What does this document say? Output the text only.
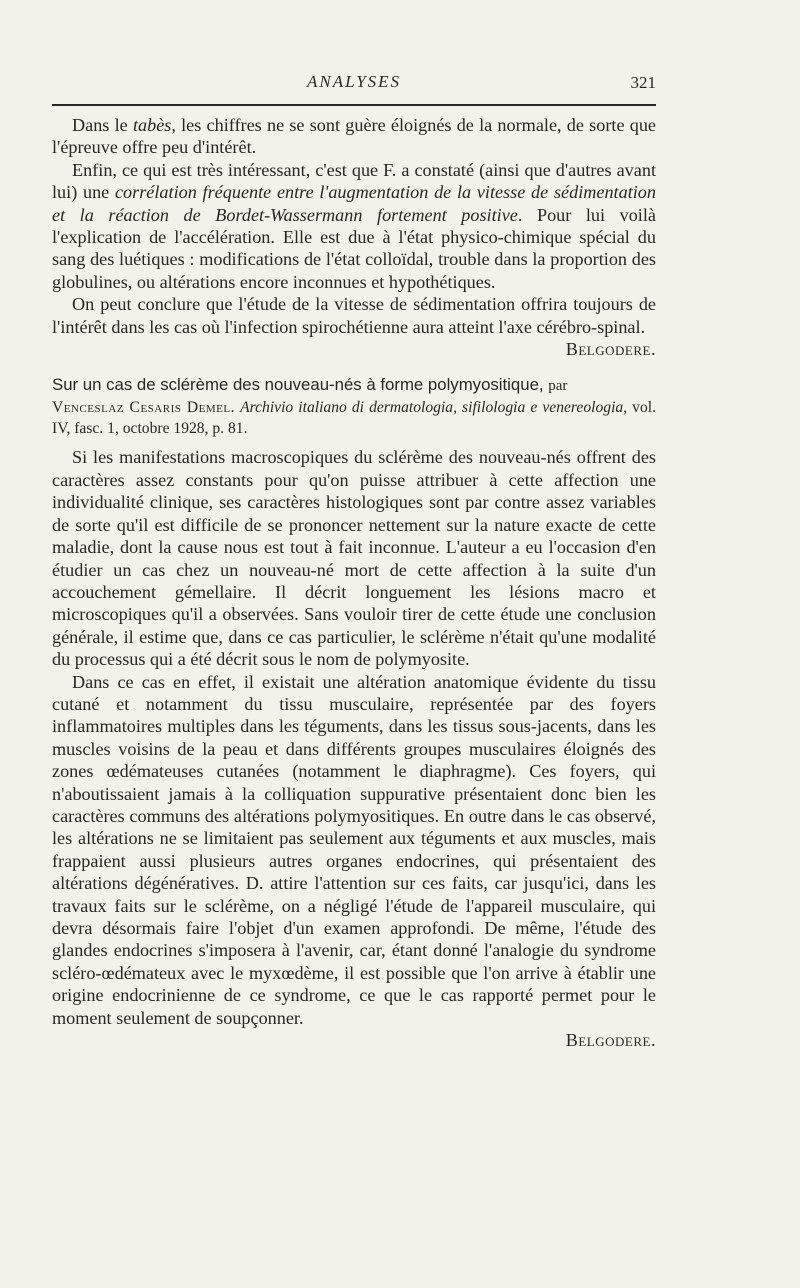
ANALYSES	321

Dans le tabès, les chiffres ne se sont guère éloignés de la normale, de sorte que l'épreuve offre peu d'intérêt.

Enfin, ce qui est très intéressant, c'est que F. a constaté (ainsi que d'autres avant lui) une corrélation fréquente entre l'augmentation de la vitesse de sédimentation et la réaction de Bordet-Wassermann fortement positive. Pour lui voilà l'explication de l'accélération. Elle est due à l'état physico-chimique spécial du sang des luétiques : modifications de l'état colloïdal, trouble dans la proportion des globulines, ou altérations encore inconnues et hypothétiques.

On peut conclure que l'étude de la vitesse de sédimentation offrira toujours de l'intérêt dans les cas où l'infection spirochétienne aura atteint l'axe cérébro-spinal.

Belgodere.

Sur un cas de sclérème des nouveau-nés à forme polymyositique, par

Venceslaz Cesaris Demel. Archivio italiano di dermatologia, sifilologia e venereologia, vol. IV, fasc. 1, octobre 1928, p. 81.

Si les manifestations macroscopiques du sclérème des nouveau-nés offrent des caractères assez constants pour qu'on puisse attribuer à cette affection une individualité clinique, ses caractères histologiques sont par contre assez variables de sorte qu'il est difficile de se prononcer nettement sur la nature exacte de cette maladie, dont la cause nous est tout à fait inconnue. L'auteur a eu l'occasion d'en étudier un cas chez un nouveau-né mort de cette affection à la suite d'un accouchement gémellaire. Il décrit longuement les lésions macro et microscopiques qu'il a observées. Sans vouloir tirer de cette étude une conclusion générale, il estime que, dans ce cas particulier, le sclérème n'était qu'une modalité du processus qui a été décrit sous le nom de polymyosite.

Dans ce cas en effet, il existait une altération anatomique évidente du tissu cutané et notamment du tissu musculaire, représentée par des foyers inflammatoires multiples dans les téguments, dans les tissus sous-jacents, dans les muscles voisins de la peau et dans différents groupes musculaires éloignés des zones œdémateuses cutanées (notamment le diaphragme). Ces foyers, qui n'aboutissaient jamais à la colliquation suppurative présentaient donc bien les caractères communs des altérations polymyositiques. En outre dans le cas observé, les altérations ne se limitaient pas seulement aux téguments et aux muscles, mais frappaient aussi plusieurs autres organes endocrines, qui présentaient des altérations dégénératives. D. attire l'attention sur ces faits, car jusqu'ici, dans les travaux faits sur le sclérème, on a négligé l'étude de l'appareil musculaire, qui devra désormais faire l'objet d'un examen approfondi. De même, l'étude des glandes endocrines s'imposera à l'avenir, car, étant donné l'analogie du syndrome scléro-œdémateux avec le myxœdème, il est possible que l'on arrive à établir une origine endocrinienne de ce syndrome, ce que le cas rapporté permet pour le moment seulement de soupçonner.

Belgodere.
